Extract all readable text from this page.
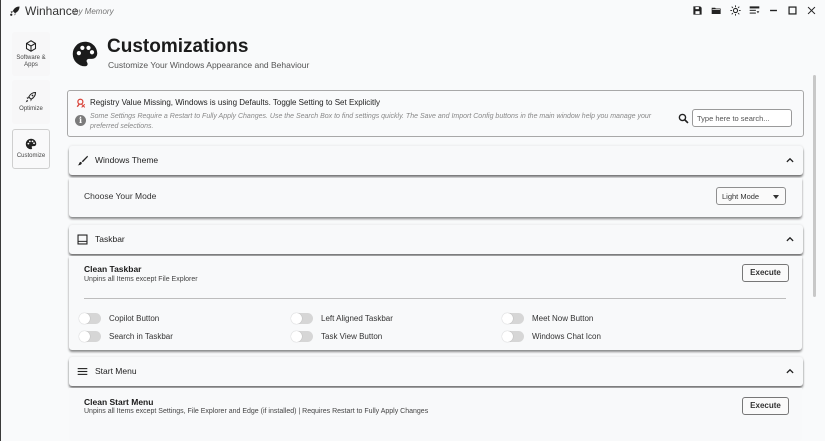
Winhance
by Memory
Software & Apps
Optimize
Customize
Customizations
Customize Your Windows Appearance and Behaviour
Registry Value Missing, Windows is using Defaults. Toggle Setting to Set Explicitly
i	Some Settings Require a Restart to Fully Apply Changes. Use the Search Box to find settings quickly. The Save and Import Config buttons in the main window help you manage your preferred selections.
Type here to search...
Windows Theme
Choose Your Mode	Light Mode
Taskbar
Clean Taskbar
Unpins all Items except File Explorer
Execute
Copilot Button	Left Aligned Taskbar	Meet Now Button
Search in Taskbar	Task View Button	Windows Chat Icon
Start Menu
Clean Start Menu
Unpins all Items except Settings, File Explorer and Edge (if installed) | Requires Restart to Fully Apply Changes
Execute
